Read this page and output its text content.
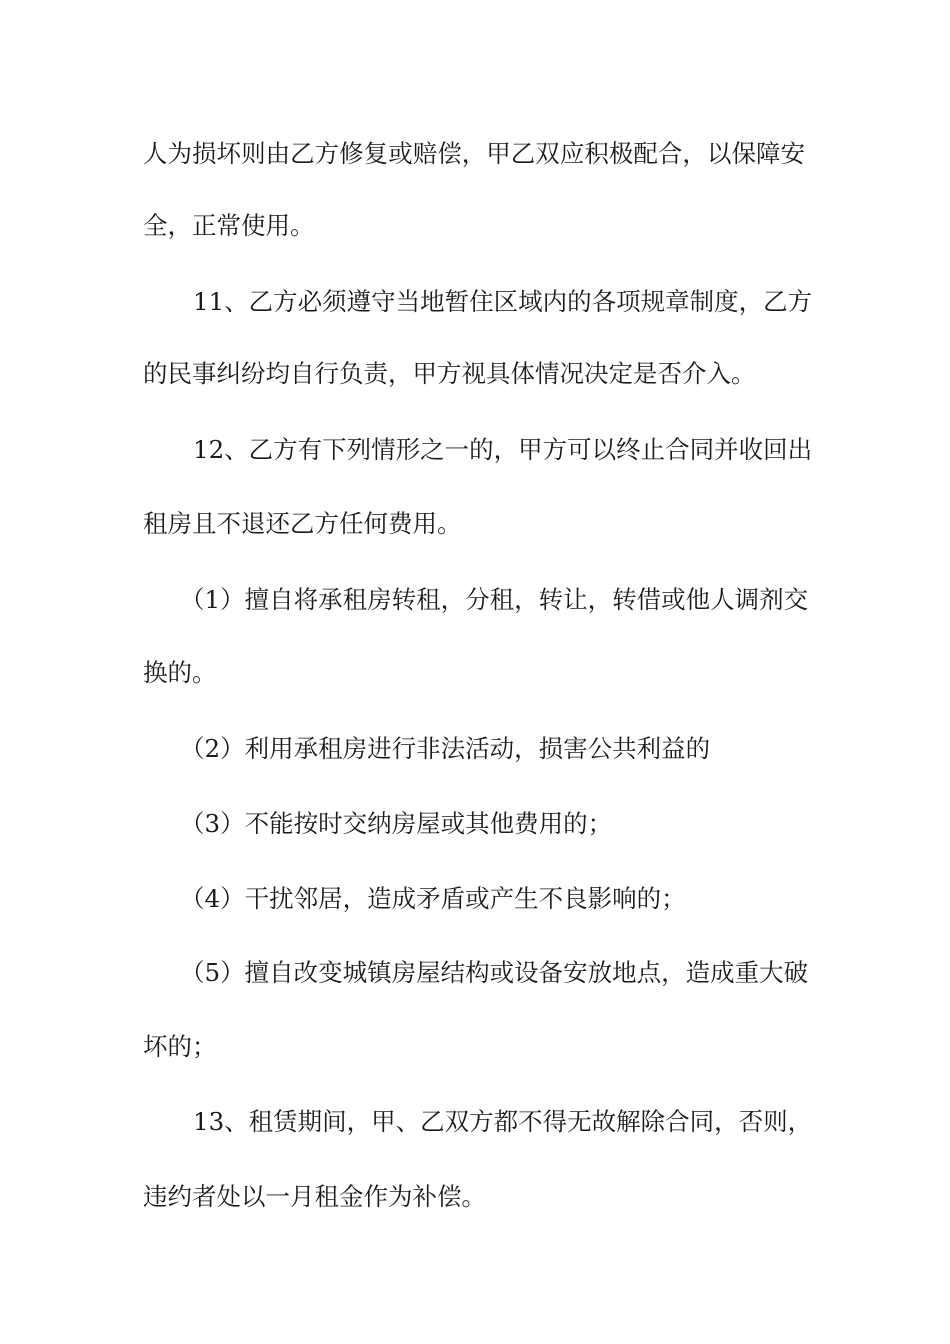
人为损坏则由乙方修复或赔偿，甲乙双应积极配合，以保障安
全，正常使用。
11、乙方必须遵守当地暂住区域内的各项规章制度，乙方
的民事纠纷均自行负责，甲方视具体情况决定是否介入。
12、乙方有下列情形之一的，甲方可以终止合同并收回出
租房且不退还乙方任何费用。
（1）擅自将承租房转租，分租，转让，转借或他人调剂交
换的。
（2）利用承租房进行非法活动，损害公共利益的
（3）不能按时交纳房屋或其他费用的；
（4）干扰邻居，造成矛盾或产生不良影响的；
（5）擅自改变城镇房屋结构或设备安放地点，造成重大破
坏的；
13、租赁期间，甲、乙双方都不得无故解除合同，否则，
违约者处以一月租金作为补偿。
